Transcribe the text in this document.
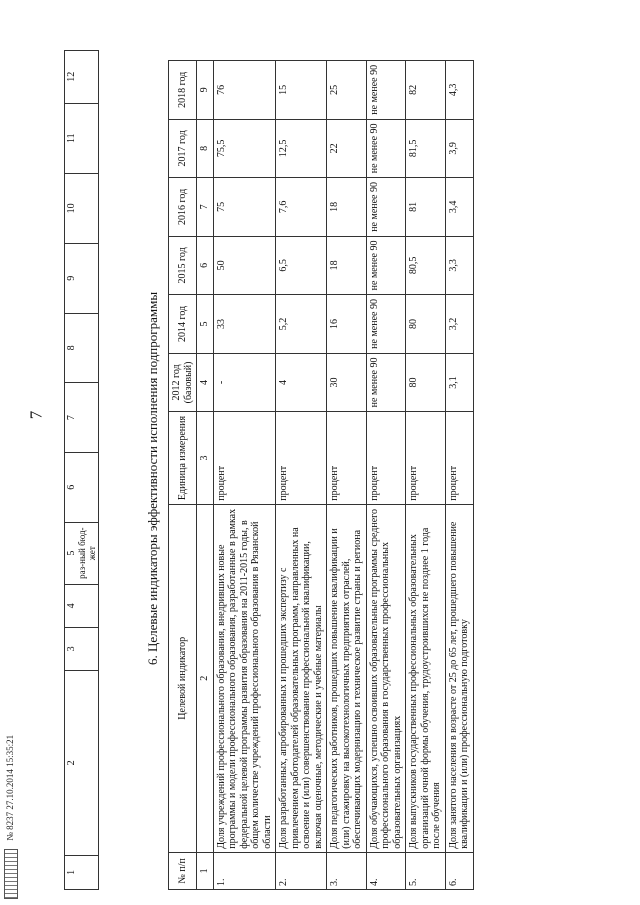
7
№ 8237 27.10.2014 15:35:21
1	2	3	4	5 раз-ный бюд-жет
	6	7	8	9	10	11	12
6. Целевые индикаторы эффективности исполнения подпрограммы
№ п/п	Целевой индикатор	Единица измерения	2012 год (базовый)	2014 год	2015 год	2016 год	2017 год	2018 год
1	2	3	4	5	6	7	8	9
1.	Доля учреждений профессионального образования, внедривших новые программы и модели профессионального образования, разработанные в рамках федеральной целевой программы развития образования на 2011-2015 годы, в общем количестве учреждений профессионального образования в Рязанской области	процент	-	33	50	75	75,5	76
2.	Доля разработанных, апробированных и прошедших экспертизу с привлечением работодателей образовательных программ, направленных на освоение и (или) совершенствование профессиональной квалификации, включая оценочные, методические и учебные материалы	процент	4	5,2	6,5	7,6	12,5	15
3.	Доля педагогических работников, прошедших повышение квалификации и (или) стажировку на высокотехнологичных предприятиях отраслей, обеспечивающих модернизацию и техническое развитие страны и региона	процент	30	16	18	18	22	25
4.	Доля обучающихся, успешно освоивших образовательные программы среднего профессионального образования в государственных профессиональных образовательных организациях	процент	не менее 90	не менее 90	не менее 90	не менее 90	не менее 90	не менее 90
5.	Доля выпускников государственных профессиональных образовательных организаций очной формы обучения, трудоустроившихся не позднее 1 года после обучения	процент	80	80	80,5	81	81,5	82
6.	Доля занятого населения в возрасте от 25 до 65 лет, прошедшего повышение квалификации и (или) профессиональную подготовку	процент	3,1	3,2	3,3	3,4	3,9	4,3
